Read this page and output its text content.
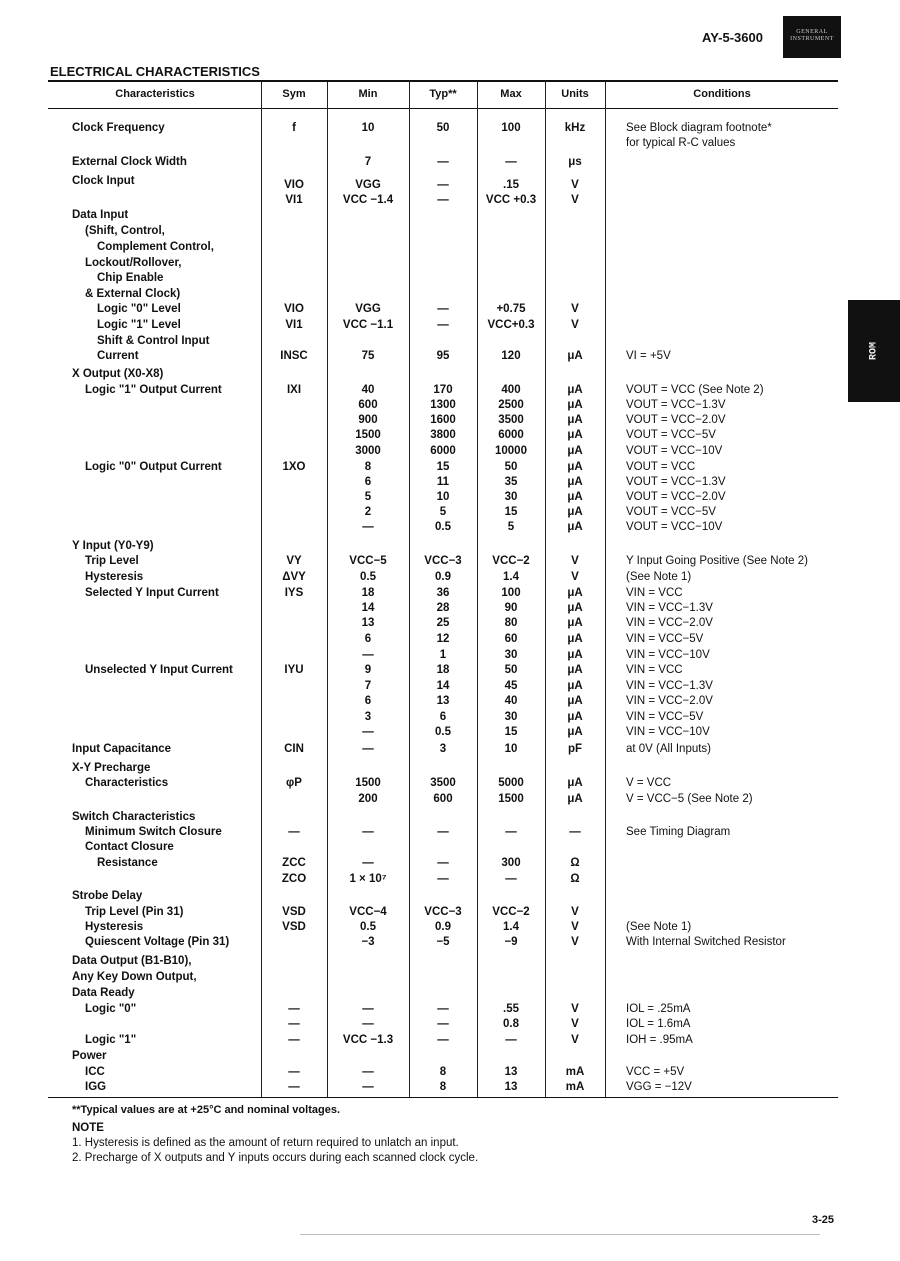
AY-5-3600	GENERAL INSTRUMENT
ELECTRICAL CHARACTERISTICS
Characteristics	Sym	Min	Typ**	Max	Units	Conditions
Clock Frequency	f	10	50	100	kHz	See Block diagram footnote*
for typical R-C values
External Clock Width	7	—	—	μs
Clock Input	VIO	VGG	—	.15	V
VI1	VCC −1.4	—	VCC +0.3	V
Data Input
(Shift, Control,
Complement Control,
Lockout/Rollover,
Chip Enable
& External Clock)
Logic "0" Level	VIO	VGG	—	+0.75	V
Logic "1" Level	VI1	VCC −1.1	—	VCC+0.3	V
Shift & Control Input
Current	INSC	75	95	120	μA	VI = +5V
X Output (X0-X8)
Logic "1" Output Current	IXI	40	170	400	μA	VOUT = VCC (See Note 2)
600	1300	2500	μA	VOUT = VCC−1.3V
900	1600	3500	μA	VOUT = VCC−2.0V
1500	3800	6000	μA	VOUT = VCC−5V
3000	6000	10000	μA	VOUT = VCC−10V
Logic "0" Output Current	1XO	8	15	50	μA	VOUT = VCC
6	11	35	μA	VOUT = VCC−1.3V
5	10	30	μA	VOUT = VCC−2.0V
2	5	15	μA	VOUT = VCC−5V
—	0.5	5	μA	VOUT = VCC−10V
Y Input (Y0-Y9)
Trip Level	VY	VCC−5	VCC−3	VCC−2	V	Y Input Going Positive (See Note 2)
Hysteresis	ΔVY	0.5	0.9	1.4	V	(See Note 1)
Selected Y Input Current	IYS	18	36	100	μA	VIN = VCC
14	28	90	μA	VIN = VCC−1.3V
13	25	80	μA	VIN = VCC−2.0V
6	12	60	μA	VIN = VCC−5V
—	1	30	μA	VIN = VCC−10V
Unselected Y Input Current	IYU	9	18	50	μA	VIN = VCC
7	14	45	μA	VIN = VCC−1.3V
6	13	40	μA	VIN = VCC−2.0V
3	6	30	μA	VIN = VCC−5V
—	0.5	15	μA	VIN = VCC−10V
Input Capacitance	CIN	—	3	10	pF	at 0V (All Inputs)
X-Y Precharge
Characteristics	φP	1500	3500	5000	μA	V = VCC
200	600	1500	μA	V = VCC−5 (See Note 2)
Switch Characteristics
Minimum Switch Closure	—	—	—	—	—	See Timing Diagram
Contact Closure
Resistance	ZCC	—	—	300	Ω
ZCO	1 × 10⁷	—	—	Ω
Strobe Delay
Trip Level (Pin 31)	VSD	VCC−4	VCC−3	VCC−2	V
Hysteresis	VSD	0.5	0.9	1.4	V	(See Note 1)
Quiescent Voltage (Pin 31)	−3	−5	−9	V	With Internal Switched Resistor
Data Output (B1-B10),
Any Key Down Output,
Data Ready
Logic "0"	—	—	—	.55	V	IOL = .25mA
—	—	—	0.8	V	IOL = 1.6mA
Logic "1"	—	VCC −1.3	—	—	V	IOH = .95mA
Power
ICC	—	—	8	13	mA	VCC = +5V
IGG	—	—	8	13	mA	VGG = −12V
**Typical values are at +25°C and nominal voltages.
NOTE
1. Hysteresis is defined as the amount of return required to unlatch an input.
2. Precharge of X outputs and Y inputs occurs during each scanned clock cycle.
ROM
3-25
